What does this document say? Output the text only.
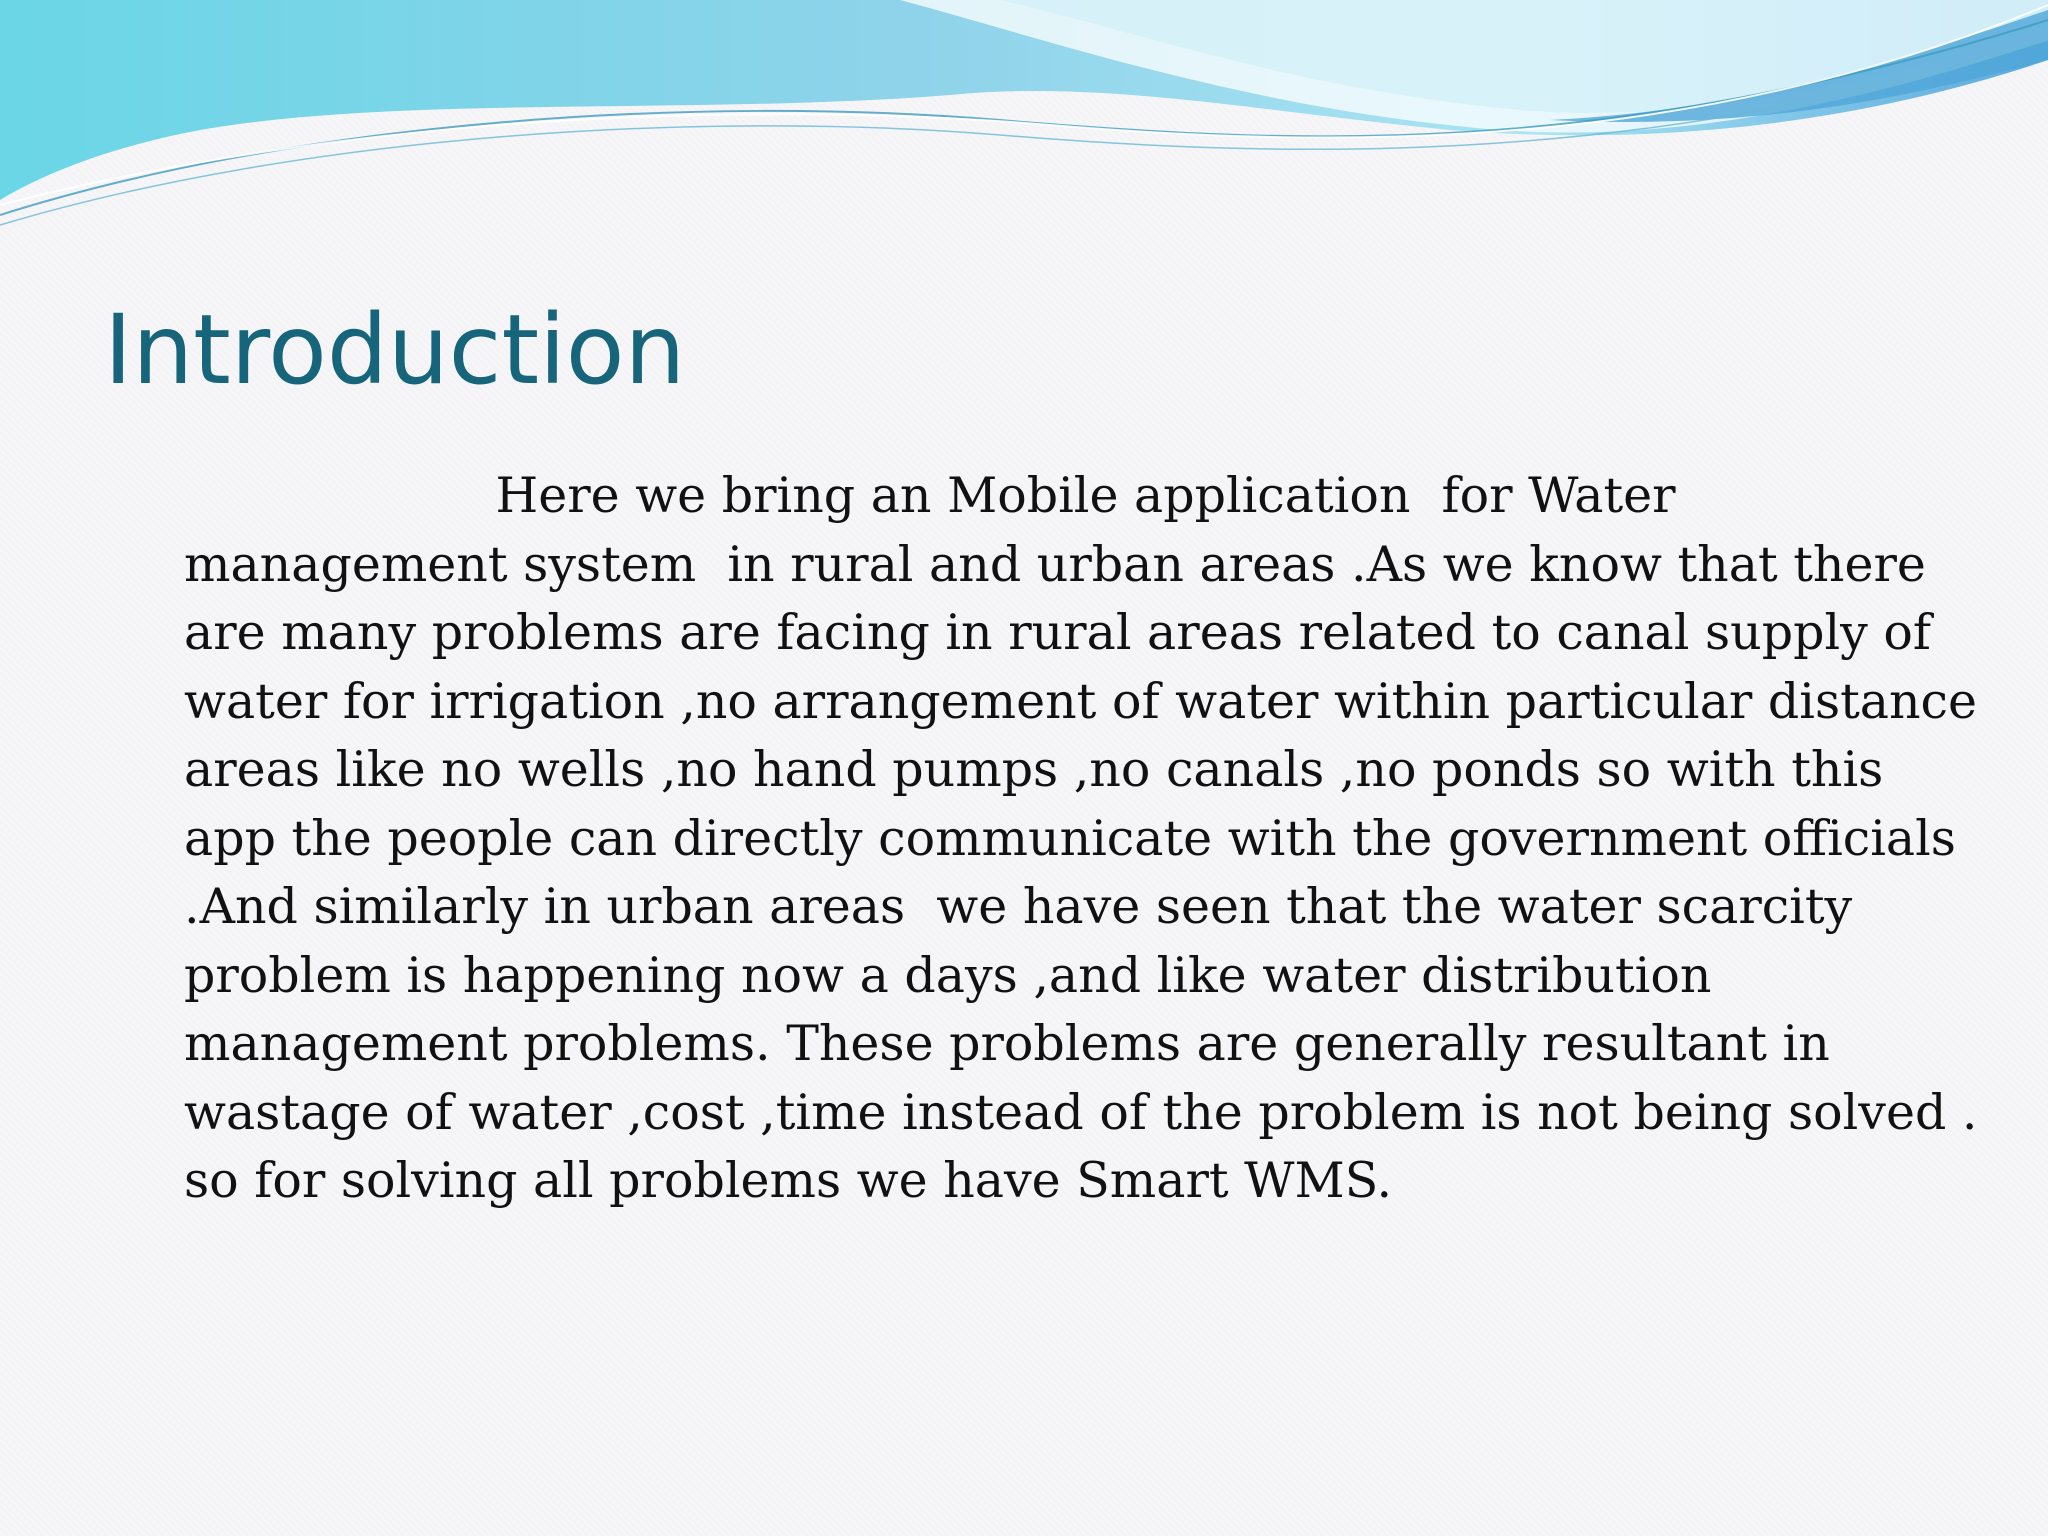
Introduction
Here we bring an Mobile application  for Water
management system  in rural and urban areas .As we know that there
are many problems are facing in rural areas related to canal supply of
water for irrigation ,no arrangement of water within particular distance
areas like no wells ,no hand pumps ,no canals ,no ponds so with this
app the people can directly communicate with the government officials
.And similarly in urban areas  we have seen that the water scarcity
problem is happening now a days ,and like water distribution
management problems. These problems are generally resultant in
wastage of water ,cost ,time instead of the problem is not being solved .
so for solving all problems we have Smart WMS.
